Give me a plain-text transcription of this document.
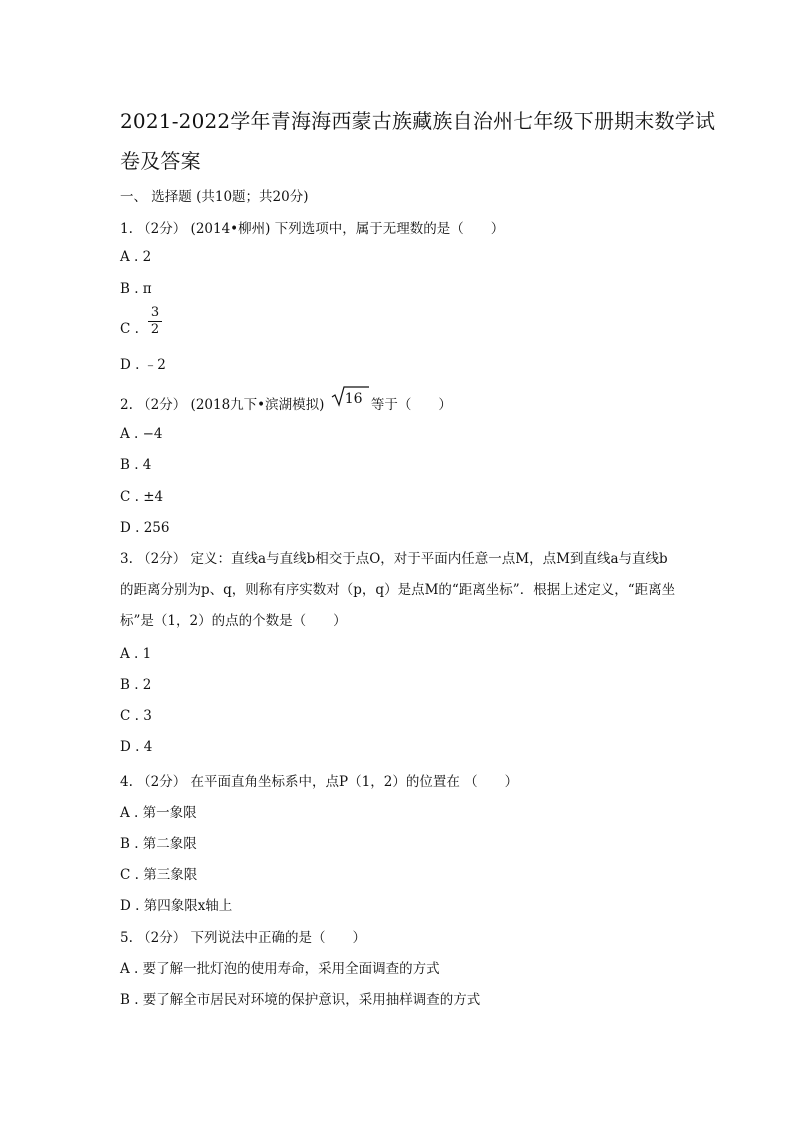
2021-2022学年青海海西蒙古族藏族自治州七年级下册期末数学试卷及答案
一、 选择题 (共10题；共20分)
1. （2分） (2014•柳州) 下列选项中，属于无理数的是（　　）
A . 2
B . π
C .
3
2
D . ﹣2
2. （2分） (2018九下•滨湖模拟) 16 等于（　　）
A . −4
B . 4
C . ±4
D . 256
3. （2分） 定义：直线a与直线b相交于点O，对于平面内任意一点M，点M到直线a与直线b的距离分别为p、q，则称有序实数对（p，q）是点M的“距离坐标”．根据上述定义，“距离坐标”是（1，2）的点的个数是（　　）
A . 1
B . 2
C . 3
D . 4
4. （2分） 在平面直角坐标系中，点P（1，2）的位置在 （　　）
A . 第一象限
B . 第二象限
C . 第三象限
D . 第四象限x轴上
5. （2分） 下列说法中正确的是（　　）
A . 要了解一批灯泡的使用寿命，采用全面调查的方式
B . 要了解全市居民对环境的保护意识，采用抽样调查的方式
